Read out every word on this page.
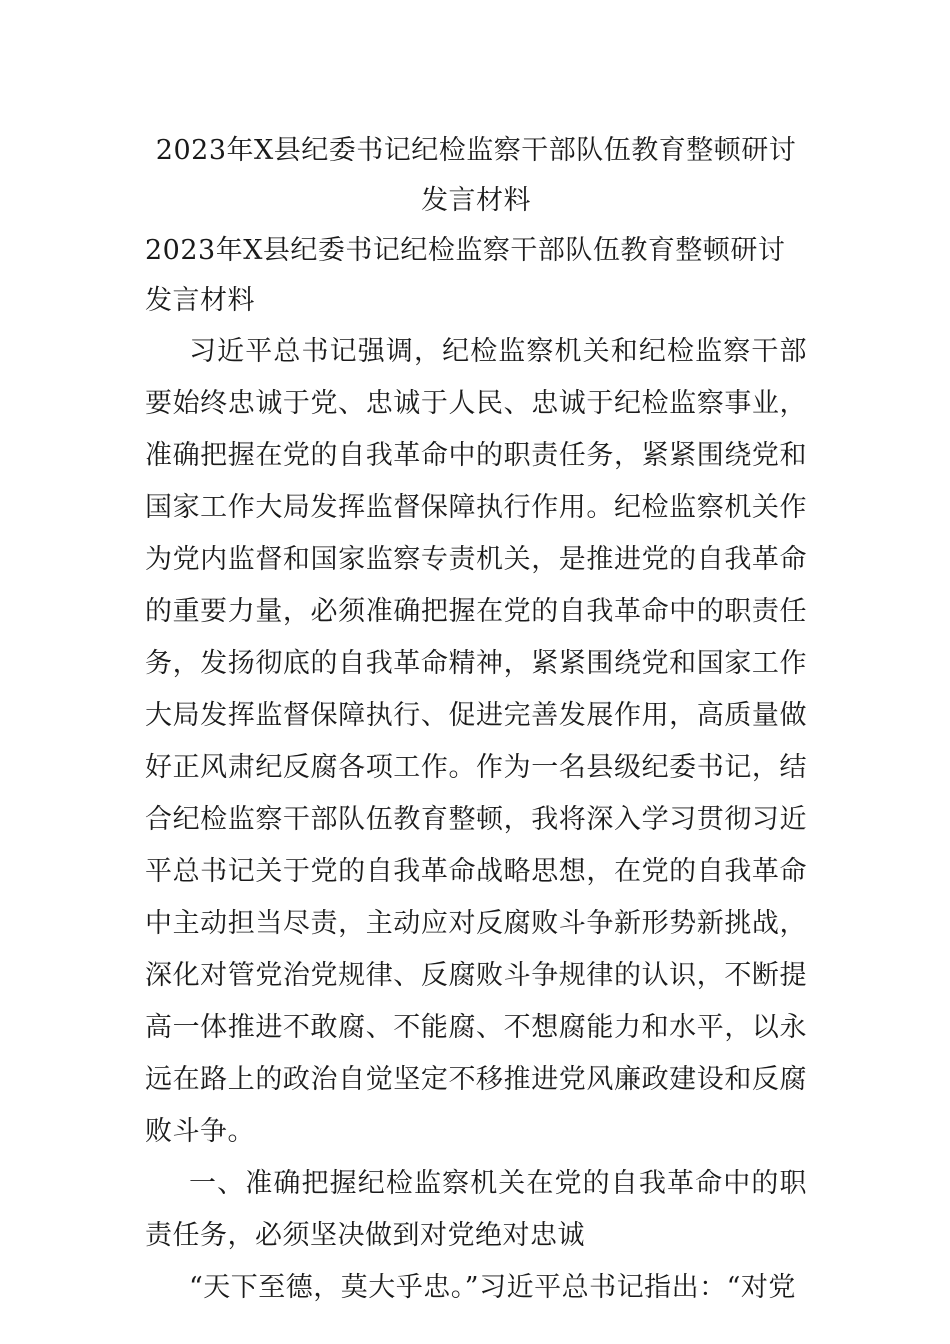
2023年X县纪委书记纪检监察干部队伍教育整顿研讨发言材料
2023年X县纪委书记纪检监察干部队伍教育整顿研讨发言材料

习近平总书记强调，纪检监察机关和纪检监察干部要始终忠诚于党、忠诚于人民、忠诚于纪检监察事业，准确把握在党的自我革命中的职责任务，紧紧围绕党和国家工作大局发挥监督保障执行作用。纪检监察机关作为党内监督和国家监察专责机关，是推进党的自我革命的重要力量，必须准确把握在党的自我革命中的职责任务，发扬彻底的自我革命精神，紧紧围绕党和国家工作大局发挥监督保障执行、促进完善发展作用，高质量做好正风肃纪反腐各项工作。作为一名县级纪委书记，结合纪检监察干部队伍教育整顿，我将深入学习贯彻习近平总书记关于党的自我革命战略思想，在党的自我革命中主动担当尽责，主动应对反腐败斗争新形势新挑战，深化对管党治党规律、反腐败斗争规律的认识，不断提高一体推进不敢腐、不能腐、不想腐能力和水平，以永远在路上的政治自觉坚定不移推进党风廉政建设和反腐败斗争。

一、准确把握纪检监察机关在党的自我革命中的职责任务，必须坚决做到对党绝对忠诚

“天下至德，莫大乎忠。”习近平总书记指出：“对党
